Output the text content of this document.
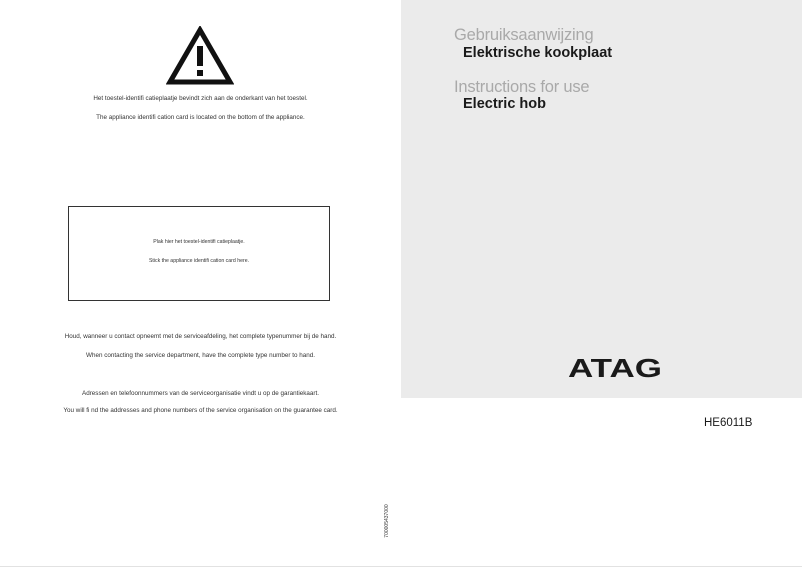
Het toestel-identifi catieplaatje bevindt zich aan de onderkant van het toestel.
The appliance identifi cation card is located on the bottom of the appliance.
Plak hier het toestel-identifi catieplaatje.
Stick the appliance identifi cation card here.
Houd, wanneer u contact opneemt met de serviceafdeling, het complete typenummer bij de hand.
When contacting the service department, have the complete type number to hand.
Adressen en telefoonnummers van de serviceorganisatie vindt u op de garantiekaart.
You will fi nd the addresses and phone numbers of the service organisation on the guarantee card.
700005437000
Gebruiksaanwijzing
Elektrische kookplaat
Instructions for use
Electric hob
ATAG
HE6011B
